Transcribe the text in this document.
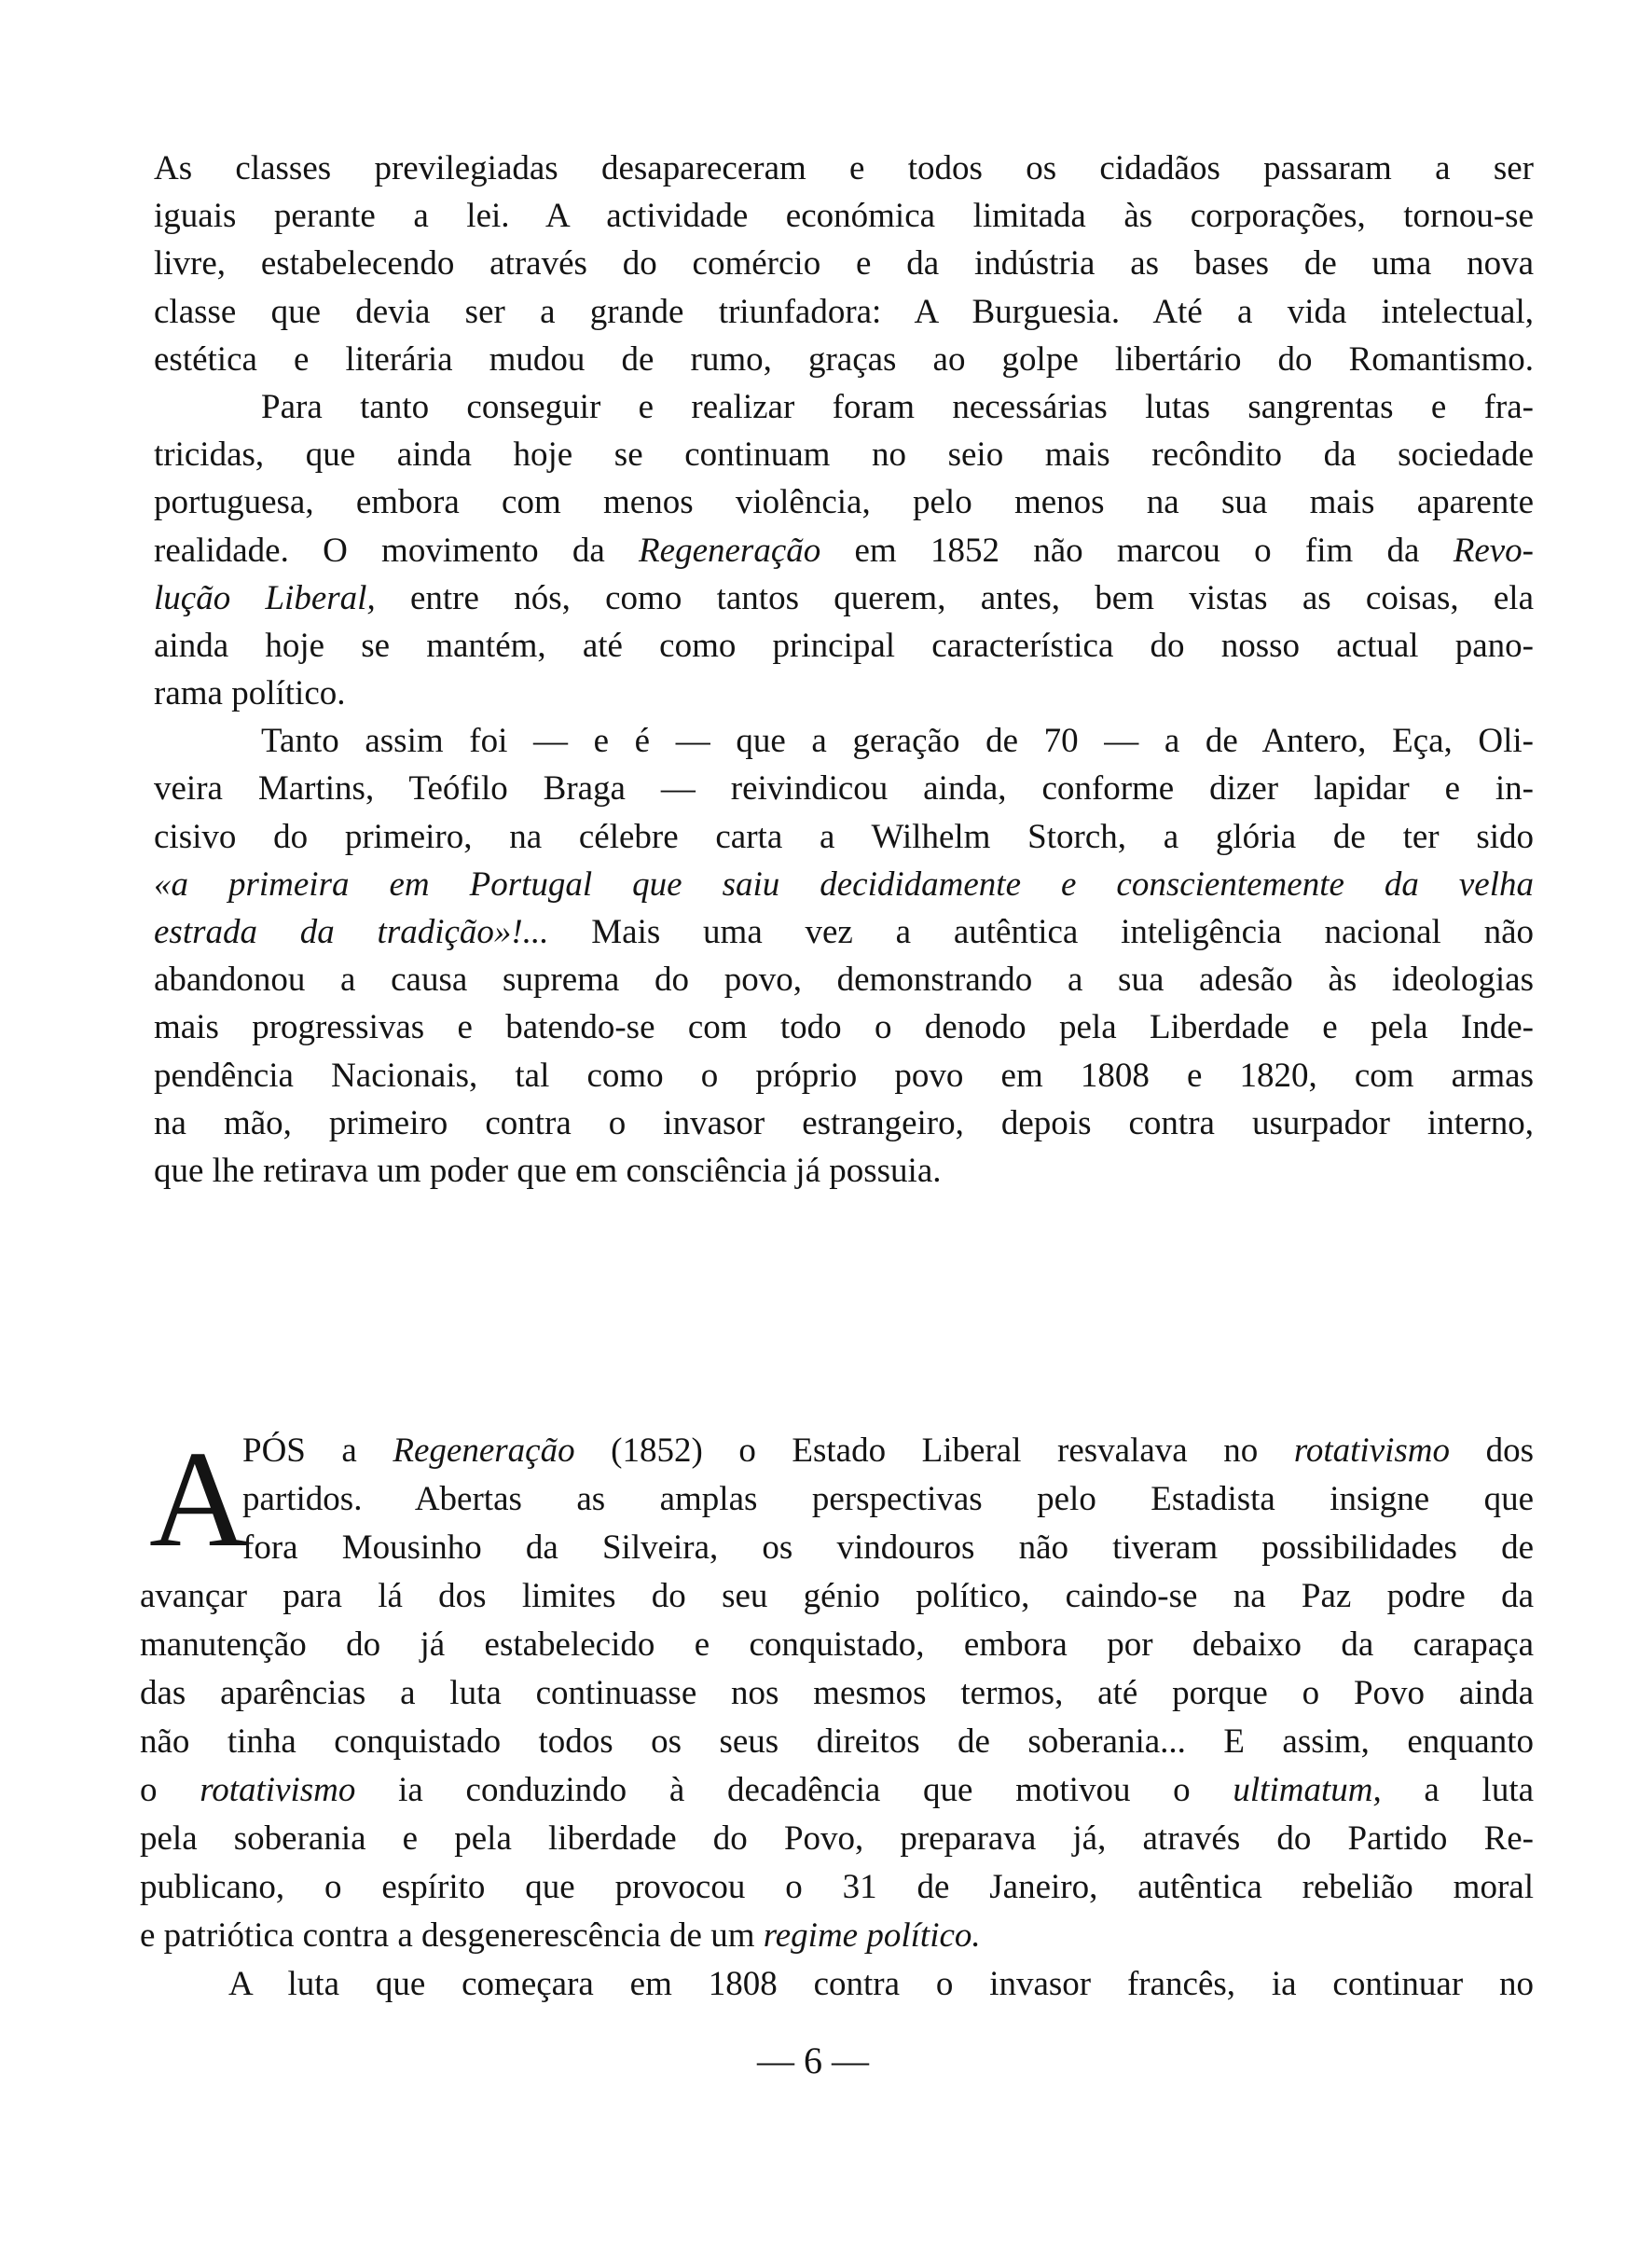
As classes previlegiadas desapareceram e todos os cidadãos passaram a ser
iguais perante a lei. A actividade económica limitada às corporações, tornou-se
livre, estabelecendo através do comércio e da indústria as bases de uma nova
classe que devia ser a grande triunfadora: A Burguesia. Até a vida intelectual,
estética e literária mudou de rumo, graças ao golpe libertário do Romantismo.
Para tanto conseguir e realizar foram necessárias lutas sangrentas e fra-
tricidas, que ainda hoje se continuam no seio mais recôndito da sociedade
portuguesa, embora com menos violência, pelo menos na sua mais aparente
realidade. O movimento da Regeneração em 1852 não marcou o fim da Revo-
lução Liberal, entre nós, como tantos querem, antes, bem vistas as coisas, ela
ainda hoje se mantém, até como principal característica do nosso actual pano-
rama político.
Tanto assim foi — e é — que a geração de 70 — a de Antero, Eça, Oli-
veira Martins, Teófilo Braga — reivindicou ainda, conforme dizer lapidar e in-
cisivo do primeiro, na célebre carta a Wilhelm Storch, a glória de ter sido
«a primeira em Portugal que saiu decididamente e conscientemente da velha
estrada da tradição»!... Mais uma vez a autêntica inteligência nacional não
abandonou a causa suprema do povo, demonstrando a sua adesão às ideologias
mais progressivas e batendo-se com todo o denodo pela Liberdade e pela Inde-
pendência Nacionais, tal como o próprio povo em 1808 e 1820, com armas
na mão, primeiro contra o invasor estrangeiro, depois contra usurpador interno,
que lhe retirava um poder que em consciência já possuia.
A
PÓS a Regeneração (1852) o Estado Liberal resvalava no rotativismo dos
partidos. Abertas as amplas perspectivas pelo Estadista insigne que
fora Mousinho da Silveira, os vindouros não tiveram possibilidades de
avançar para lá dos limites do seu génio político, caindo-se na Paz podre da
manutenção do já estabelecido e conquistado, embora por debaixo da carapaça
das aparências a luta continuasse nos mesmos termos, até porque o Povo ainda
não tinha conquistado todos os seus direitos de soberania... E assim, enquanto
o rotativismo ia conduzindo à decadência que motivou o ultimatum, a luta
pela soberania e pela liberdade do Povo, preparava já, através do Partido Re-
publicano, o espírito que provocou o 31 de Janeiro, autêntica rebelião moral
e patriótica contra a desgenerescência de um regime político.
A luta que começara em 1808 contra o invasor francês, ia continuar no
— 6 —
